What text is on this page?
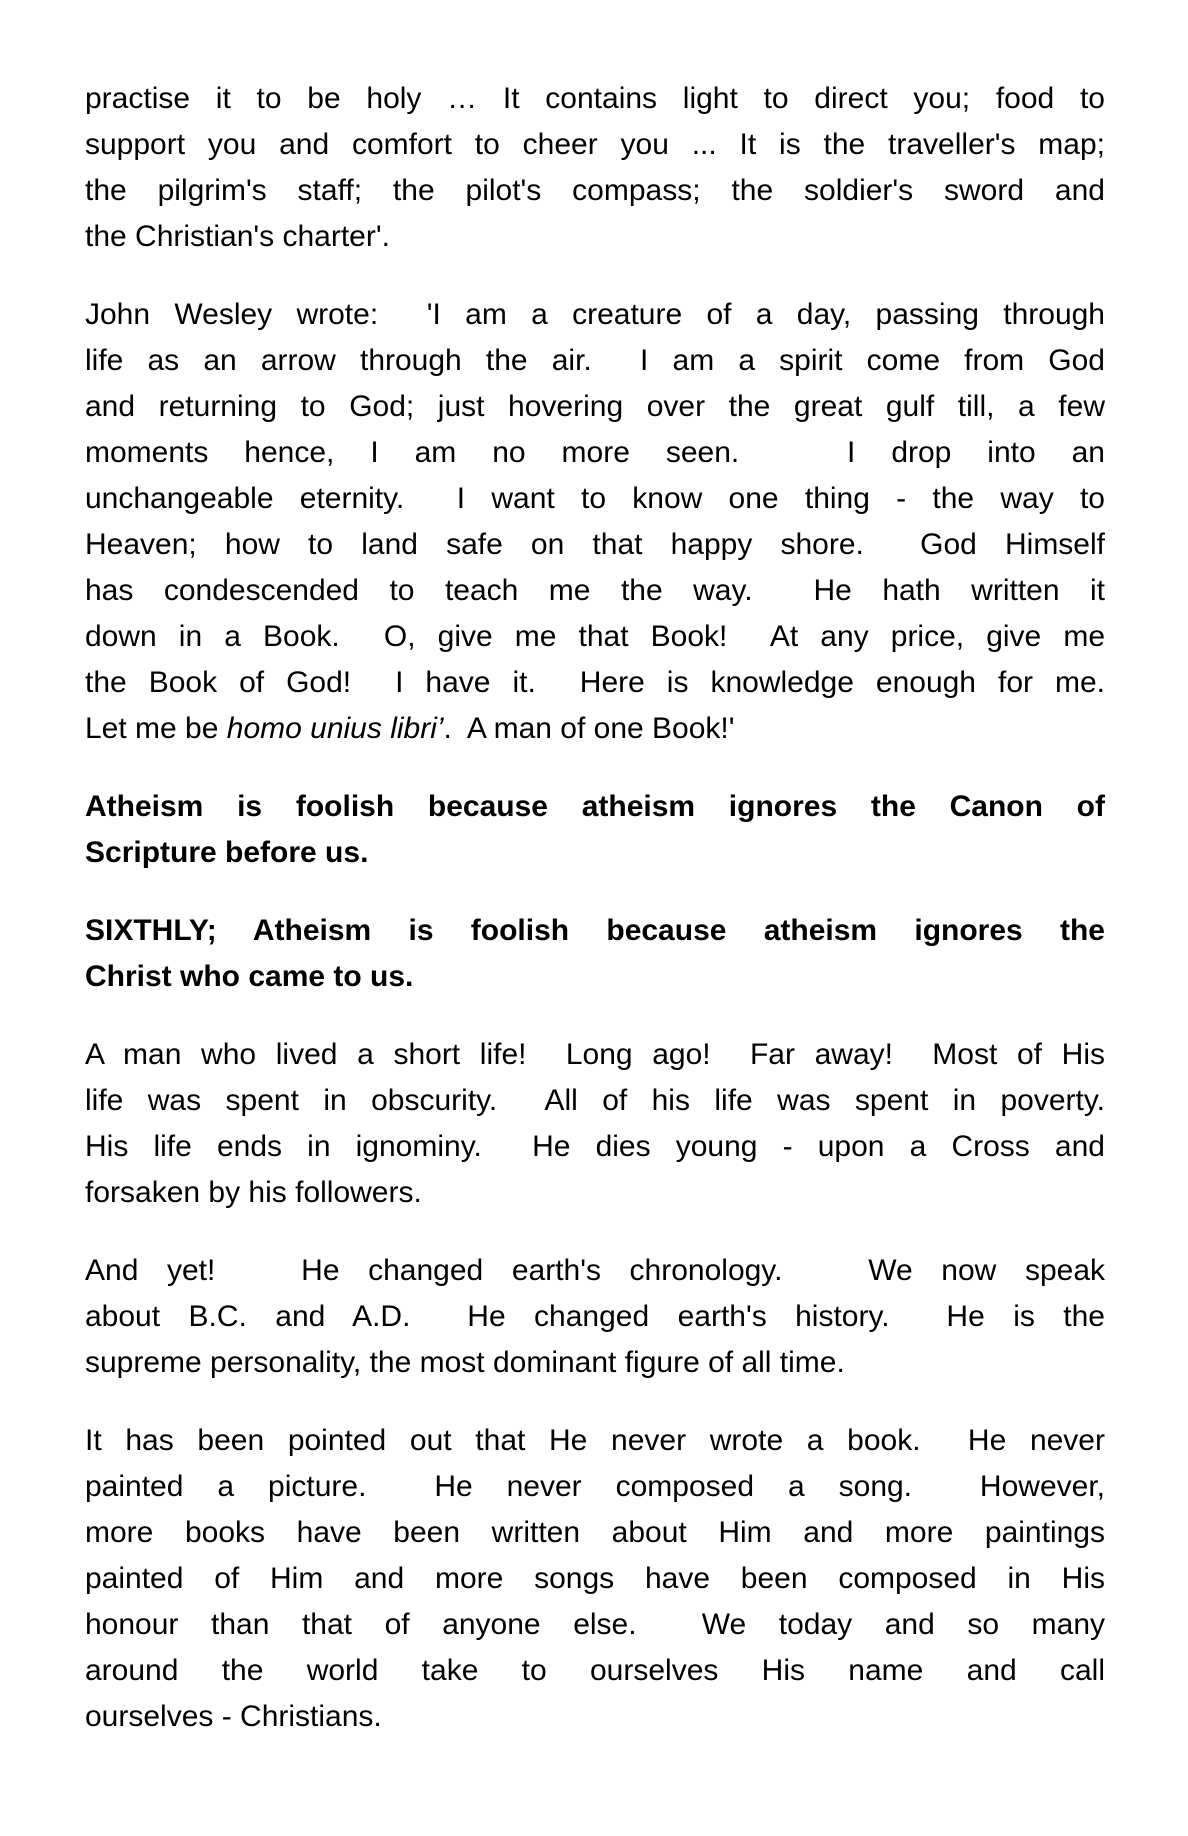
practise it to be holy … It contains light to direct you; food to
support you and comfort to cheer you ... It is the traveller's map;
the pilgrim's staff; the pilot's compass; the soldier's sword and
the Christian's charter'.
John Wesley wrote:  'I am a creature of a day, passing through
life as an arrow through the air.  I am a spirit come from God
and returning to God; just hovering over the great gulf till, a few
moments hence, I am no more seen.   I drop into an
unchangeable eternity.  I want to know one thing - the way to
Heaven; how to land safe on that happy shore.  God Himself
has condescended to teach me the way.  He hath written it
down in a Book.  O, give me that Book!  At any price, give me
the Book of God!  I have it.  Here is knowledge enough for me.
Let me be homo unius libri’.  A man of one Book!'
Atheism is foolish because atheism ignores the Canon of
Scripture before us.
SIXTHLY; Atheism is foolish because atheism ignores the
Christ who came to us.
A man who lived a short life!  Long ago!  Far away!  Most of His
life was spent in obscurity.  All of his life was spent in poverty.
His life ends in ignominy.  He dies young - upon a Cross and
forsaken by his followers.
And yet!   He changed earth's chronology.   We now speak
about B.C. and A.D.  He changed earth's history.  He is the
supreme personality, the most dominant figure of all time.
It has been pointed out that He never wrote a book.  He never
painted a picture.  He never composed a song.  However,
more books have been written about Him and more paintings
painted of Him and more songs have been composed in His
honour than that of anyone else.  We today and so many
around the world take to ourselves His name and call
ourselves - Christians.
